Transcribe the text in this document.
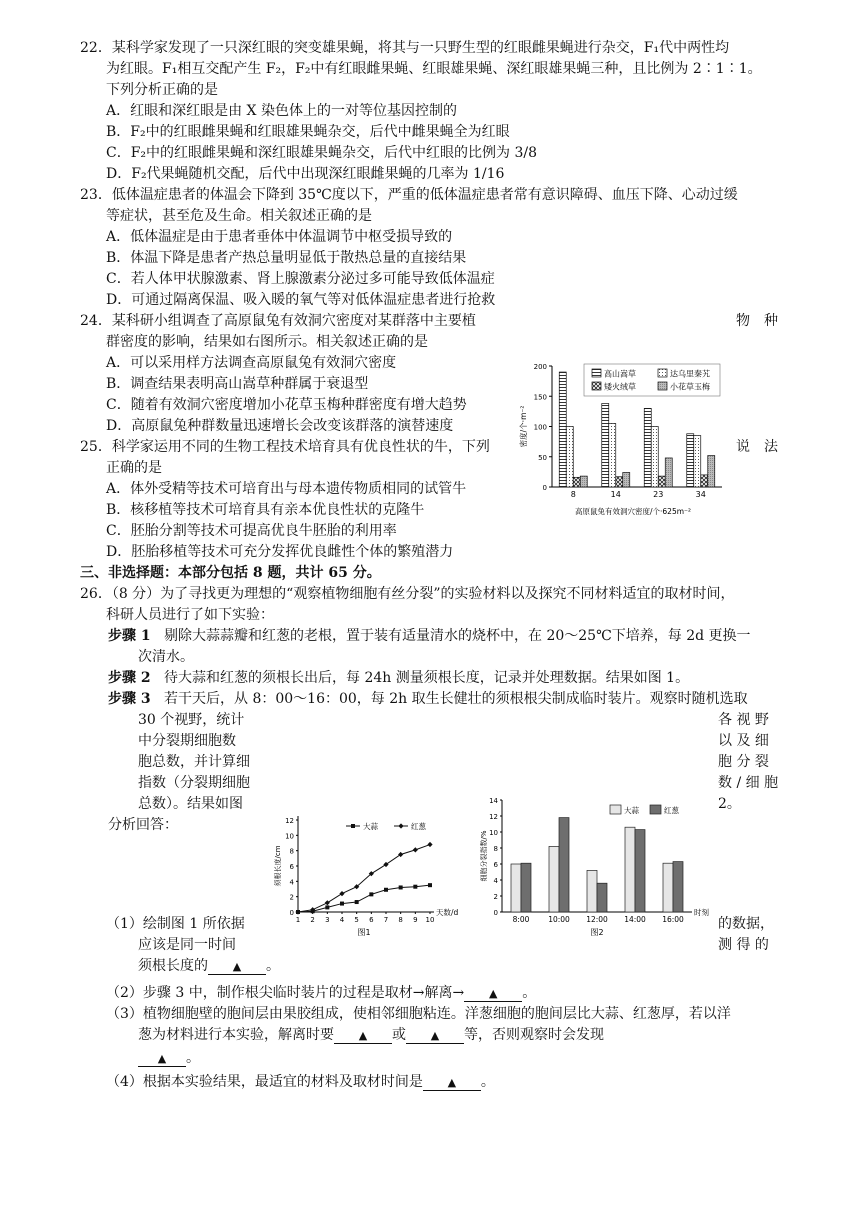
22．某科学家发现了一只深红眼的突变雄果蝇，将其与一只野生型的红眼雌果蝇进行杂交，F₁代中两性均
为红眼。F₁相互交配产生 F₂，F₂中有红眼雌果蝇、红眼雄果蝇、深红眼雄果蝇三种，且比例为 2∶1∶1。
下列分析正确的是
A．红眼和深红眼是由 X 染色体上的一对等位基因控制的
B．F₂中的红眼雌果蝇和红眼雄果蝇杂交，后代中雌果蝇全为红眼
C．F₂中的红眼雌果蝇和深红眼雄果蝇杂交，后代中红眼的比例为 3/8
D．F₂代果蝇随机交配，后代中出现深红眼雌果蝇的几率为 1/16
23．低体温症患者的体温会下降到 35℃度以下，严重的低体温症患者常有意识障碍、血压下降、心动过缓
等症状，甚至危及生命。相关叙述正确的是
A．低体温症是由于患者垂体中体温调节中枢受损导致的
B．体温下降是患者产热总量明显低于散热总量的直接结果
C．若人体甲状腺激素、肾上腺激素分泌过多可能导致低体温症
D．可通过隔离保温、吸入暖的氧气等对低体温症患者进行抢救
24．某科研小组调查了高原鼠兔有效洞穴密度对某群落中主要植	物　种
群密度的影响，结果如右图所示。相关叙述正确的是
A．可以采用样方法调查高原鼠兔有效洞穴密度
B．调查结果表明高山嵩草种群属于衰退型
C．随着有效洞穴密度增加小花草玉梅种群密度有增大趋势
D．高原鼠兔种群数量迅速增长会改变该群落的演替速度
0
50
100
150
200
8	14	23	34
密度/个·m⁻²
高原鼠兔有效洞穴密度/个·625m⁻²
高山嵩草	达乌里秦艽
矮火绒草	小花草玉梅
25．科学家运用不同的生物工程技术培育具有优良性状的牛，下列	说　法
正确的是
A．体外受精等技术可培育出与母本遗传物质相同的试管牛
B．核移植等技术可培育具有亲本优良性状的克隆牛
C．胚胎分割等技术可提高优良牛胚胎的利用率
D．胚胎移植等技术可充分发挥优良雌性个体的繁殖潜力
三、非选择题：本部分包括 8 题，共计 65 分。
26．（8 分）为了寻找更为理想的“观察植物细胞有丝分裂”的实验材料以及探究不同材料适宜的取材时间，
科研人员进行了如下实验：
步骤 1 剔除大蒜蒜瓣和红葱的老根，置于装有适量清水的烧杯中，在 20～25℃下培养，每 2d 更换一
次清水。
步骤 2 待大蒜和红葱的须根长出后，每 24h 测量须根长度，记录并处理数据。结果如图 1。
步骤 3 若干天后，从 8：00～16：00，每 2h 取生长健壮的须根根尖制成临时装片。观察时随机选取
30 个视野，统计	各 视 野
中分裂期细胞数	以 及 细
胞总数，并计算细	胞 分 裂
指数（分裂期细胞	数 / 细 胞
总数）。结果如图	2。
分析回答：
0
2
4
6
8
10
12
1 2 3 4 5 6 7 8 9 10
大蒜	红葱
须根长度/cm
天数/d
图1
0
2
4
6
8
10
12
14
8:00	10:00 12:00 14:00 16:00
大蒜	红葱
细胞分裂指数/%
时刻
图2
（1）绘制图 1 所依据	的数据，
应该是同一时间	测 得 的
须根长度的 ▲ 。
（2）步骤 3 中，制作根尖临时装片的过程是取材→解离→ ▲ 。
（3）植物细胞壁的胞间层由果胶组成，使相邻细胞粘连。洋葱细胞的胞间层比大蒜、红葱厚，若以洋
葱为材料进行本实验，解离时要 ▲ 或 ▲ 等，否则观察时会发现
▲ 。
（4）根据本实验结果，最适宜的材料及取材时间是 ▲ 。
